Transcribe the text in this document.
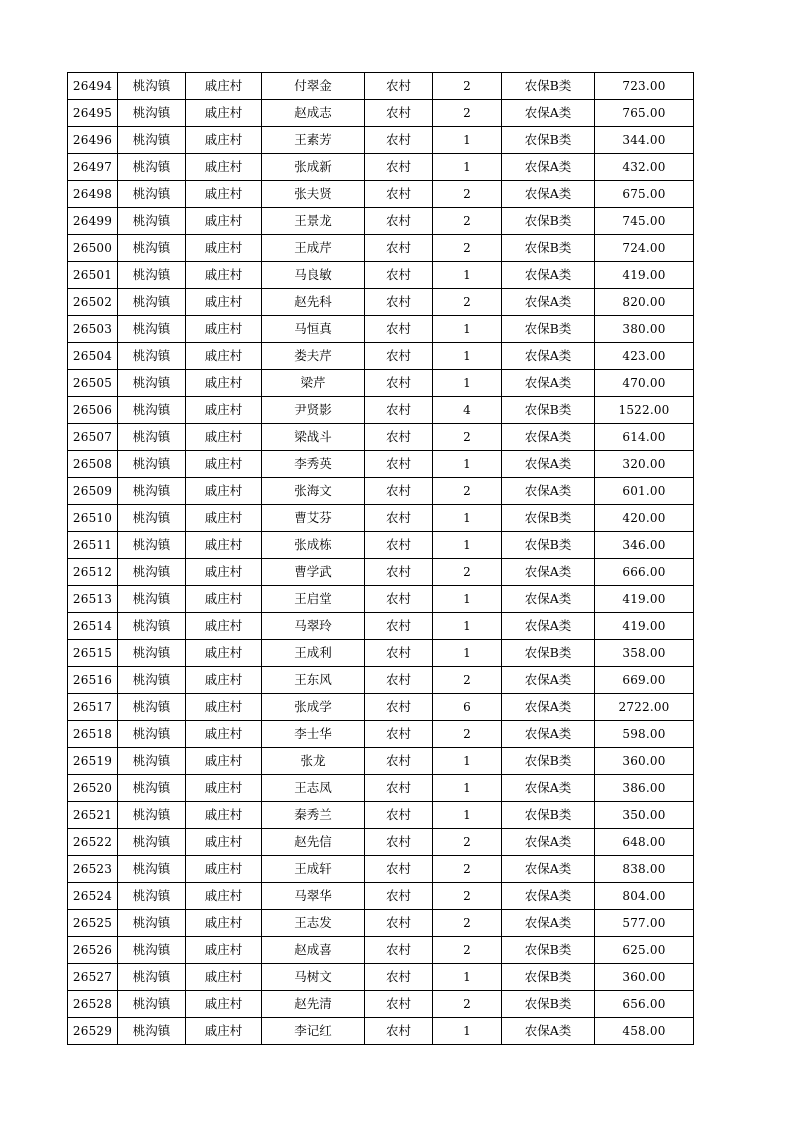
26494	桃沟镇	戚庄村	付翠金	农村	2	农保B类	723.00
26495	桃沟镇	戚庄村	赵成志	农村	2	农保A类	765.00
26496	桃沟镇	戚庄村	王素芳	农村	1	农保B类	344.00
26497	桃沟镇	戚庄村	张成新	农村	1	农保A类	432.00
26498	桃沟镇	戚庄村	张夫贤	农村	2	农保A类	675.00
26499	桃沟镇	戚庄村	王景龙	农村	2	农保B类	745.00
26500	桃沟镇	戚庄村	王成芹	农村	2	农保B类	724.00
26501	桃沟镇	戚庄村	马良敏	农村	1	农保A类	419.00
26502	桃沟镇	戚庄村	赵先科	农村	2	农保A类	820.00
26503	桃沟镇	戚庄村	马恒真	农村	1	农保B类	380.00
26504	桃沟镇	戚庄村	娄夫芹	农村	1	农保A类	423.00
26505	桃沟镇	戚庄村	梁芹	农村	1	农保A类	470.00
26506	桃沟镇	戚庄村	尹贤影	农村	4	农保B类	1522.00
26507	桃沟镇	戚庄村	梁战斗	农村	2	农保A类	614.00
26508	桃沟镇	戚庄村	李秀英	农村	1	农保A类	320.00
26509	桃沟镇	戚庄村	张海文	农村	2	农保A类	601.00
26510	桃沟镇	戚庄村	曹艾芬	农村	1	农保B类	420.00
26511	桃沟镇	戚庄村	张成栋	农村	1	农保B类	346.00
26512	桃沟镇	戚庄村	曹学武	农村	2	农保A类	666.00
26513	桃沟镇	戚庄村	王启堂	农村	1	农保A类	419.00
26514	桃沟镇	戚庄村	马翠玲	农村	1	农保A类	419.00
26515	桃沟镇	戚庄村	王成利	农村	1	农保B类	358.00
26516	桃沟镇	戚庄村	王东风	农村	2	农保A类	669.00
26517	桃沟镇	戚庄村	张成学	农村	6	农保A类	2722.00
26518	桃沟镇	戚庄村	李士华	农村	2	农保A类	598.00
26519	桃沟镇	戚庄村	张龙	农村	1	农保B类	360.00
26520	桃沟镇	戚庄村	王志凤	农村	1	农保A类	386.00
26521	桃沟镇	戚庄村	秦秀兰	农村	1	农保B类	350.00
26522	桃沟镇	戚庄村	赵先信	农村	2	农保A类	648.00
26523	桃沟镇	戚庄村	王成轩	农村	2	农保A类	838.00
26524	桃沟镇	戚庄村	马翠华	农村	2	农保A类	804.00
26525	桃沟镇	戚庄村	王志发	农村	2	农保A类	577.00
26526	桃沟镇	戚庄村	赵成喜	农村	2	农保B类	625.00
26527	桃沟镇	戚庄村	马树文	农村	1	农保B类	360.00
26528	桃沟镇	戚庄村	赵先清	农村	2	农保B类	656.00
26529	桃沟镇	戚庄村	李记红	农村	1	农保A类	458.00
